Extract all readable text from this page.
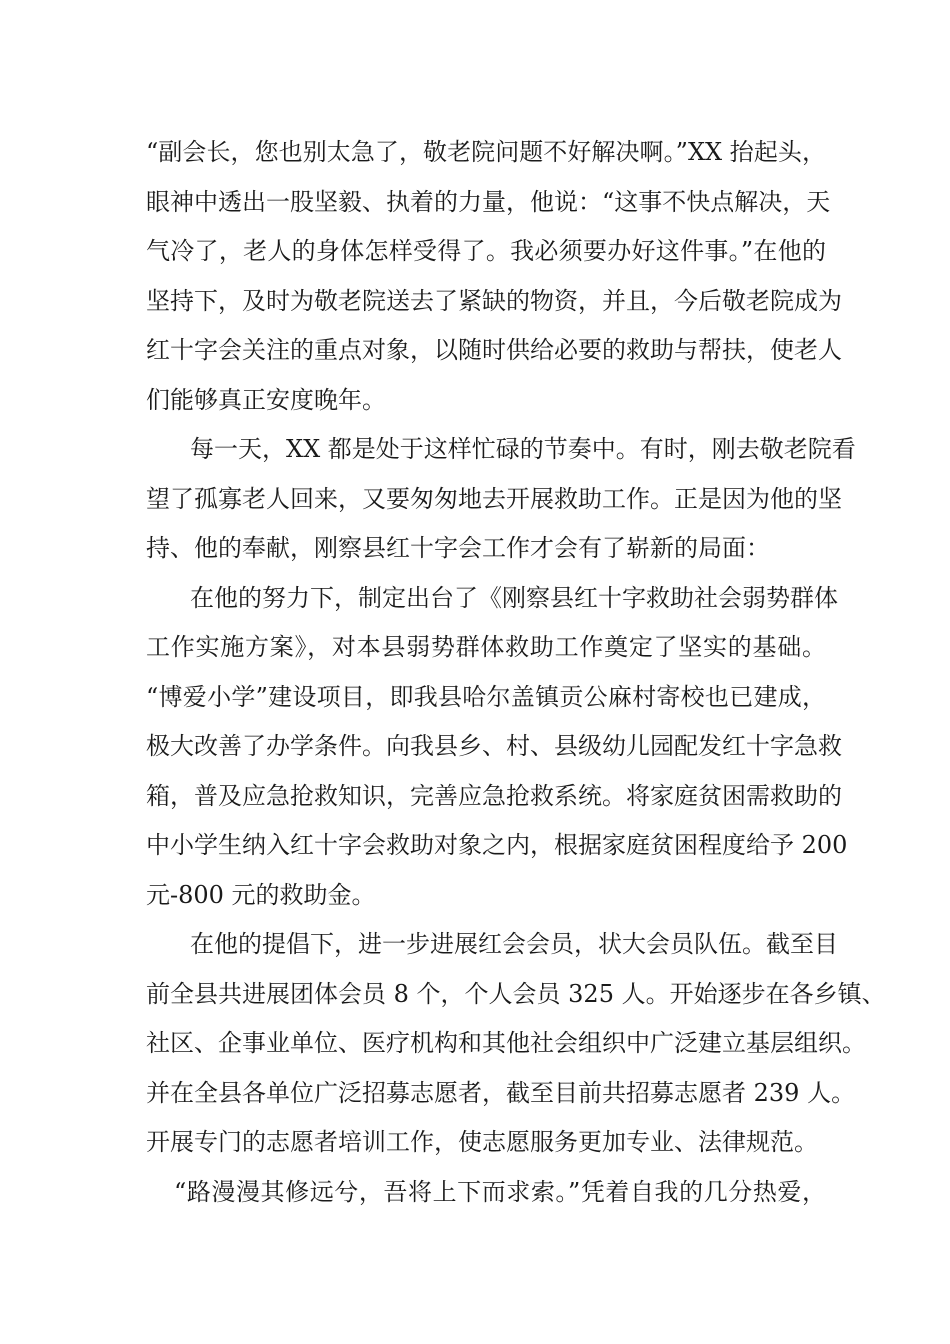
“副会长，您也别太急了，敬老院问题不好解决啊。”XX 抬起头，
眼神中透出一股坚毅、执着的力量，他说：“这事不快点解决，天
气冷了，老人的身体怎样受得了。我必须要办好这件事。”在他的
坚持下，及时为敬老院送去了紧缺的物资，并且，今后敬老院成为
红十字会关注的重点对象，以随时供给必要的救助与帮扶，使老人
们能够真正安度晚年。
每一天，XX 都是处于这样忙碌的节奏中。有时，刚去敬老院看
望了孤寡老人回来，又要匆匆地去开展救助工作。正是因为他的坚
持、他的奉献，刚察县红十字会工作才会有了崭新的局面：
在他的努力下，制定出台了《刚察县红十字救助社会弱势群体
工作实施方案》，对本县弱势群体救助工作奠定了坚实的基础。
“博爱小学”建设项目，即我县哈尔盖镇贡公麻村寄校也已建成，
极大改善了办学条件。向我县乡、村、县级幼儿园配发红十字急救
箱，普及应急抢救知识，完善应急抢救系统。将家庭贫困需救助的
中小学生纳入红十字会救助对象之内，根据家庭贫困程度给予 200
元-800 元的救助金。
在他的提倡下，进一步进展红会会员，状大会员队伍。截至目
前全县共进展团体会员 8 个，个人会员 325 人。开始逐步在各乡镇、
社区、企事业单位、医疗机构和其他社会组织中广泛建立基层组织。
并在全县各单位广泛招募志愿者，截至目前共招募志愿者 239 人。
开展专门的志愿者培训工作，使志愿服务更加专业、法律规范。
“路漫漫其修远兮，吾将上下而求索。”凭着自我的几分热爱，
